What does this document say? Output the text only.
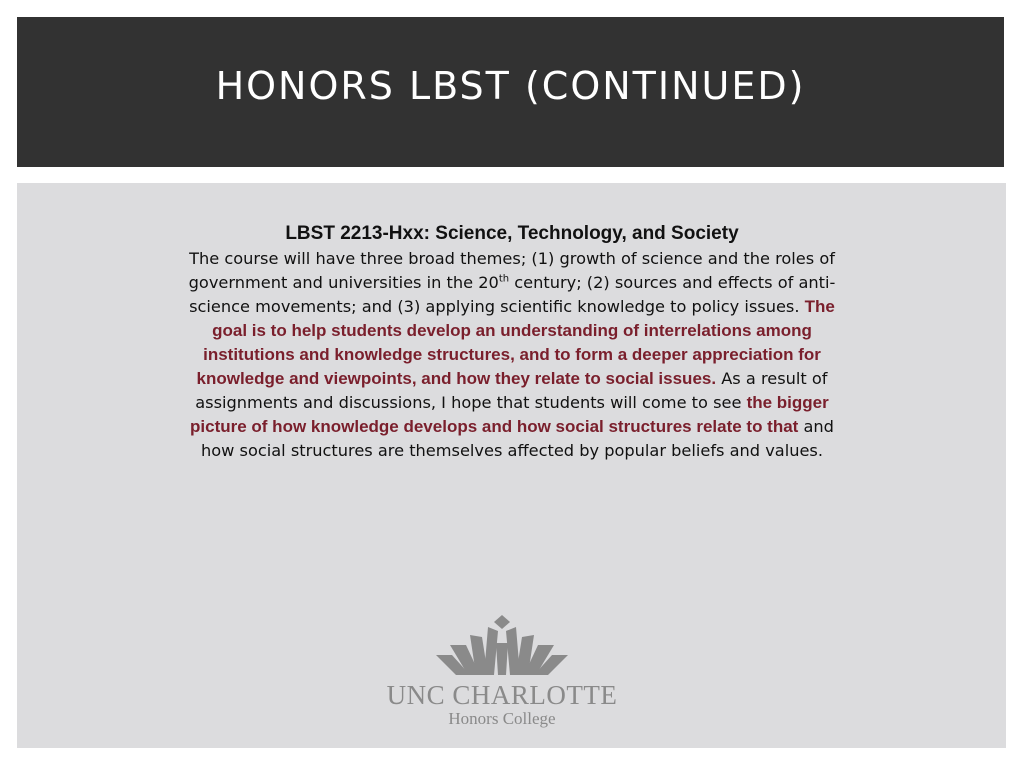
HONORS LBST (CONTINUED)
LBST 2213-Hxx: Science, Technology, and Society
The course will have three broad themes; (1) growth of science and the roles of government and universities in the 20th century; (2) sources and effects of anti-science movements; and (3) applying scientific knowledge to policy issues. The goal is to help students develop an understanding of interrelations among institutions and knowledge structures, and to form a deeper appreciation for knowledge and viewpoints, and how they relate to social issues. As a result of assignments and discussions, I hope that students will come to see the bigger picture of how knowledge develops and how social structures relate to that and how social structures are themselves affected by popular beliefs and values.
UNC CHARLOTTE
Honors College
